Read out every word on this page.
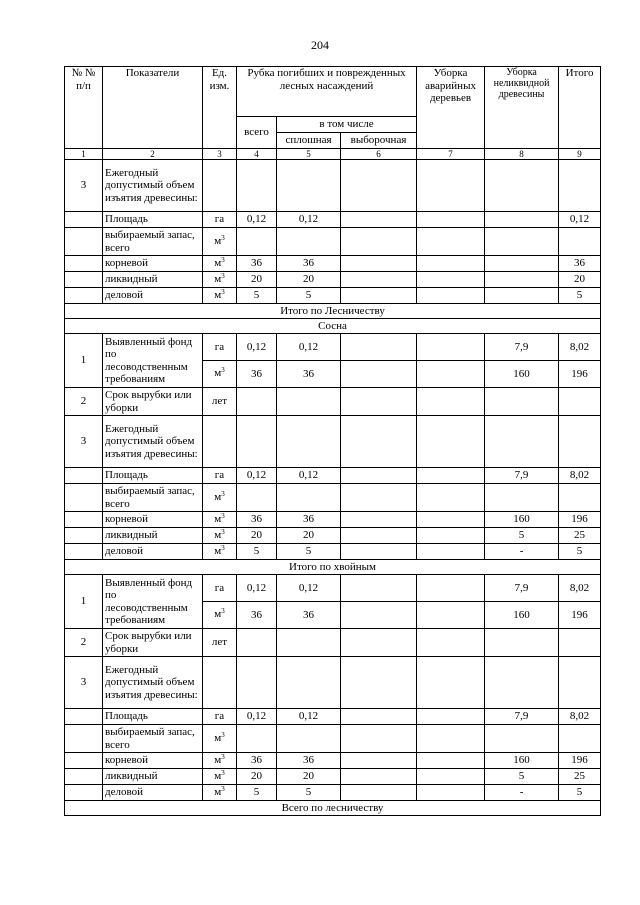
204
№ № п/п	Показатели	Ед. изм.	Рубка погибших и поврежденных лесных насаждений			Уборка аварийных деревьев	Уборка неликвидной древесины	Итого
			всего	в том числе				
				сплошная	выборочная			
1	2	3	4	5	6	7	8	9
3	Ежегодный допустимый объем изъятия древесины:							
	Площадь	га	0,12	0,12				0,12
	выбираемый запас, всего	$м^3$						
	корневой	$м^3$	36	36				36
	ликвидный	$м^3$	20	20				20
	деловой	$м^3$	5	5				5
Итого по Лесничеству								
Сосна								
1	Выявленный фонд по лесоводственным требованиям	га	0,12	0,12			7,9	8,02
		$м^3$	36	36			160	196
2	Срок вырубки или уборки	лет						
3	Ежегодный допустимый объем изъятия древесины:							
	Площадь	га	0,12	0,12			7,9	8,02
	выбираемый запас, всего	$м^3$						
	корневой	$м^3$	36	36			160	196
	ликвидный	$м^3$	20	20			5	25
	деловой	$м^3$	5	5			-	5
Итого по хвойным								
1	Выявленный фонд по лесоводственным требованиям	га	0,12	0,12			7,9	8,02
		$м^3$	36	36			160	196
2	Срок вырубки или уборки	лет						
3	Ежегодный допустимый объем изъятия древесины:							
	Площадь	га	0,12	0,12			7,9	8,02
	выбираемый запас, всего	$м^3$						
	корневой	$м^3$	36	36			160	196
	ликвидный	$м^3$	20	20			5	25
	деловой	$м^3$	5	5			-	5
Всего по лесничеству								
